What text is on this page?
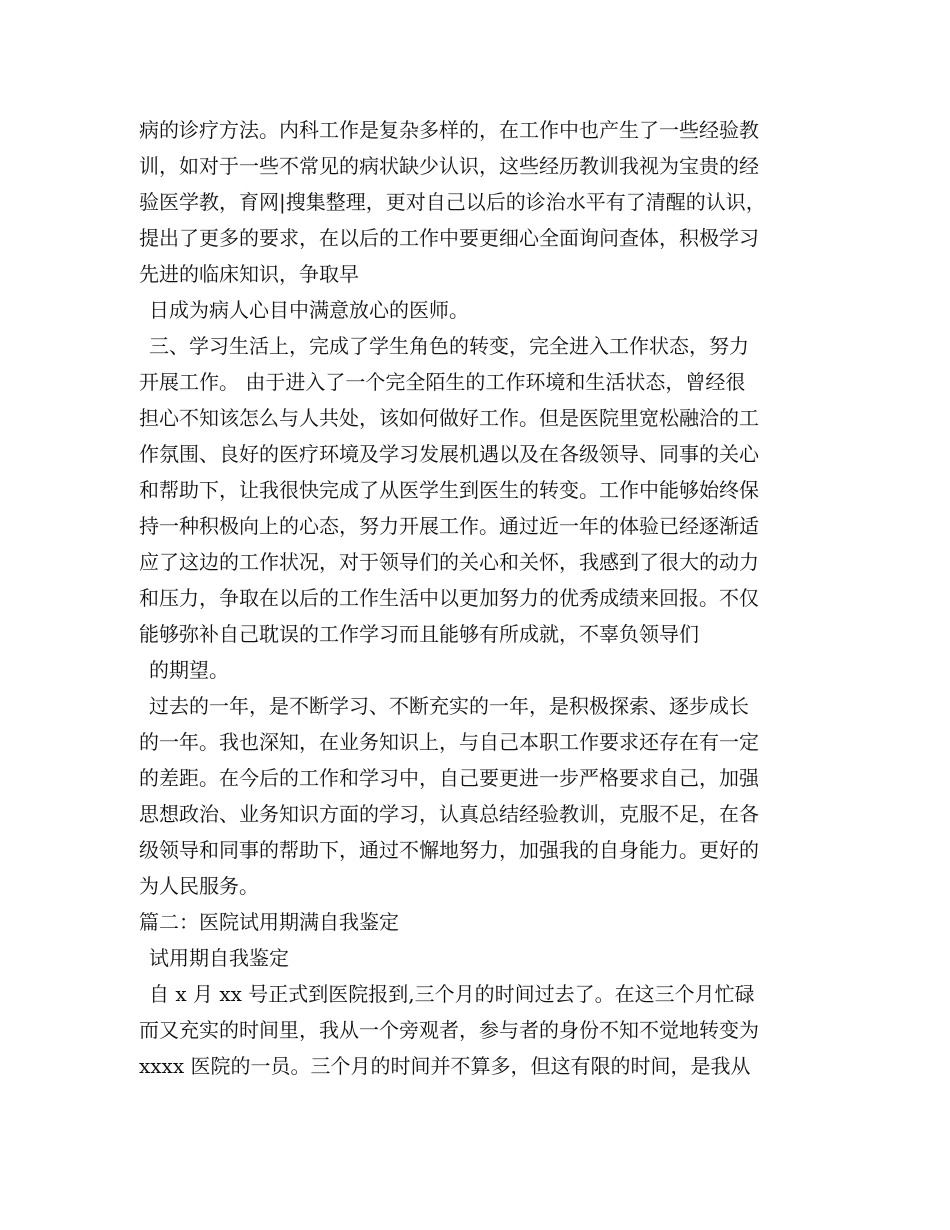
病的诊疗方法。内科工作是复杂多样的，在工作中也产生了一些经验教
训，如对于一些不常见的病状缺少认识，这些经历教训我视为宝贵的经
验医学教，育网|搜集整理，更对自己以后的诊治水平有了清醒的认识，
提出了更多的要求，在以后的工作中要更细心全面询问查体，积极学习
先进的临床知识，争取早
日成为病人心目中满意放心的医师。
三、学习生活上，完成了学生角色的转变，完全进入工作状态，努力
开展工作。 由于进入了一个完全陌生的工作环境和生活状态，曾经很
担心不知该怎么与人共处，该如何做好工作。但是医院里宽松融洽的工
作氛围、良好的医疗环境及学习发展机遇以及在各级领导、同事的关心
和帮助下，让我很快完成了从医学生到医生的转变。工作中能够始终保
持一种积极向上的心态，努力开展工作。通过近一年的体验已经逐渐适
应了这边的工作状况，对于领导们的关心和关怀，我感到了很大的动力
和压力，争取在以后的工作生活中以更加努力的优秀成绩来回报。不仅
能够弥补自己耽误的工作学习而且能够有所成就，不辜负领导们
的期望。
过去的一年，是不断学习、不断充实的一年，是积极探索、逐步成长
的一年。我也深知，在业务知识上，与自己本职工作要求还存在有一定
的差距。在今后的工作和学习中，自己要更进一步严格要求自己，加强
思想政治、业务知识方面的学习，认真总结经验教训，克服不足，在各
级领导和同事的帮助下，通过不懈地努力，加强我的自身能力。更好的
为人民服务。
篇二：医院试用期满自我鉴定
试用期自我鉴定
自 x 月 xx 号正式到医院报到,三个月的时间过去了。在这三个月忙碌
而又充实的时间里，我从一个旁观者，参与者的身份不知不觉地转变为
xxxx 医院的一员。三个月的时间并不算多，但这有限的时间，是我从
